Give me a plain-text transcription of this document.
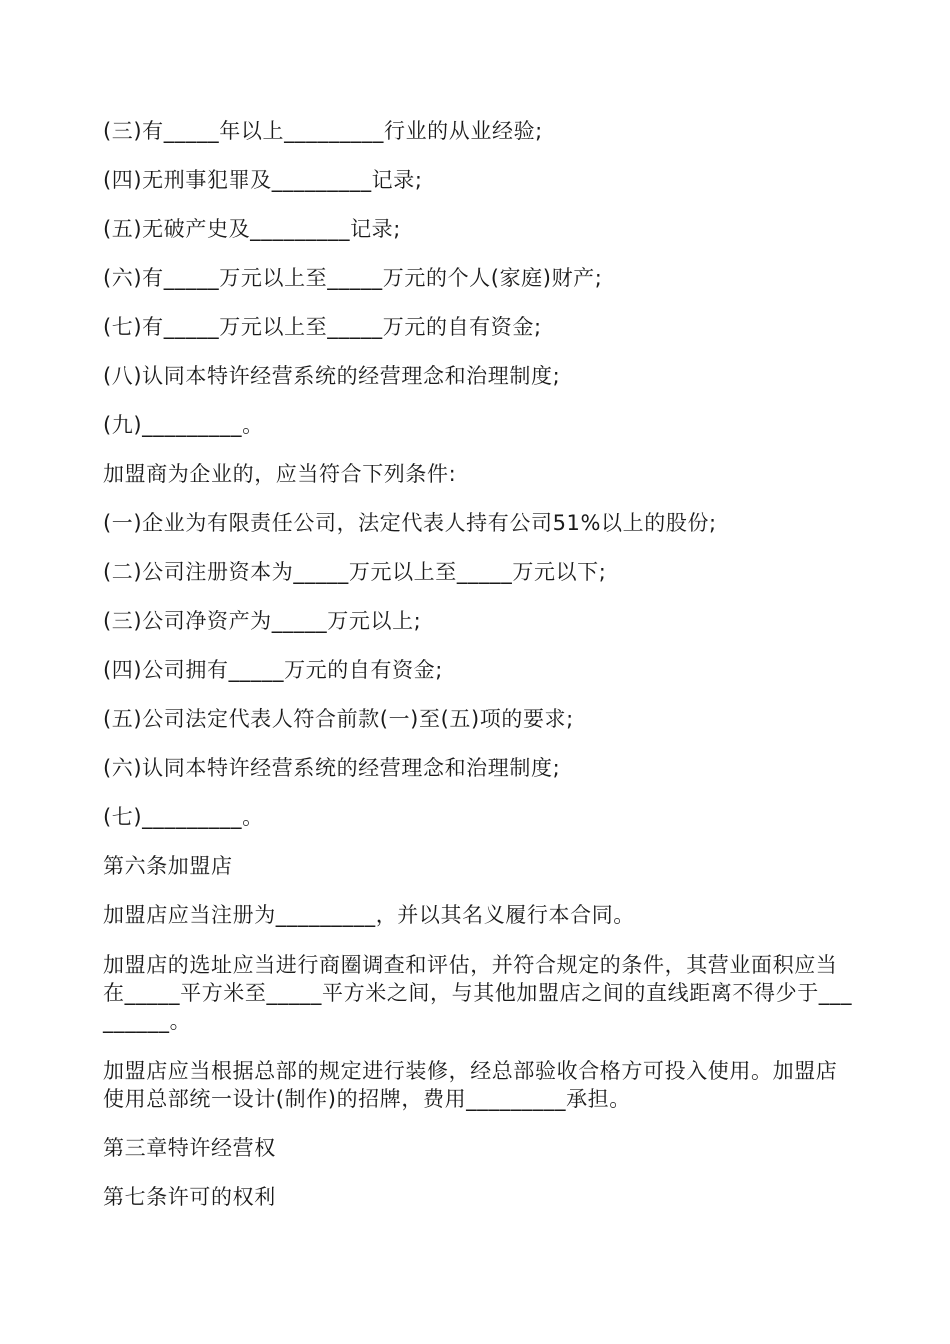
(三)有_____年以上_________行业的从业经验;

(四)无刑事犯罪及_________记录;

(五)无破产史及_________记录;

(六)有_____万元以上至_____万元的个人(家庭)财产;

(七)有_____万元以上至_____万元的自有资金;

(八)认同本特许经营系统的经营理念和治理制度;

(九)_________。

加盟商为企业的，应当符合下列条件:

(一)企业为有限责任公司，法定代表人持有公司51%以上的股份;

(二)公司注册资本为_____万元以上至_____万元以下;

(三)公司净资产为_____万元以上;

(四)公司拥有_____万元的自有资金;

(五)公司法定代表人符合前款(一)至(五)项的要求;

(六)认同本特许经营系统的经营理念和治理制度;

(七)_________。

第六条加盟店

加盟店应当注册为_________，并以其名义履行本合同。

加盟店的选址应当进行商圈调查和评估，并符合规定的条件，其营业面积应当在_____平方米至_____平方米之间，与其他加盟店之间的直线距离不得少于_________。

加盟店应当根据总部的规定进行装修，经总部验收合格方可投入使用。加盟店使用总部统一设计(制作)的招牌，费用_________承担。

第三章特许经营权

第七条许可的权利
